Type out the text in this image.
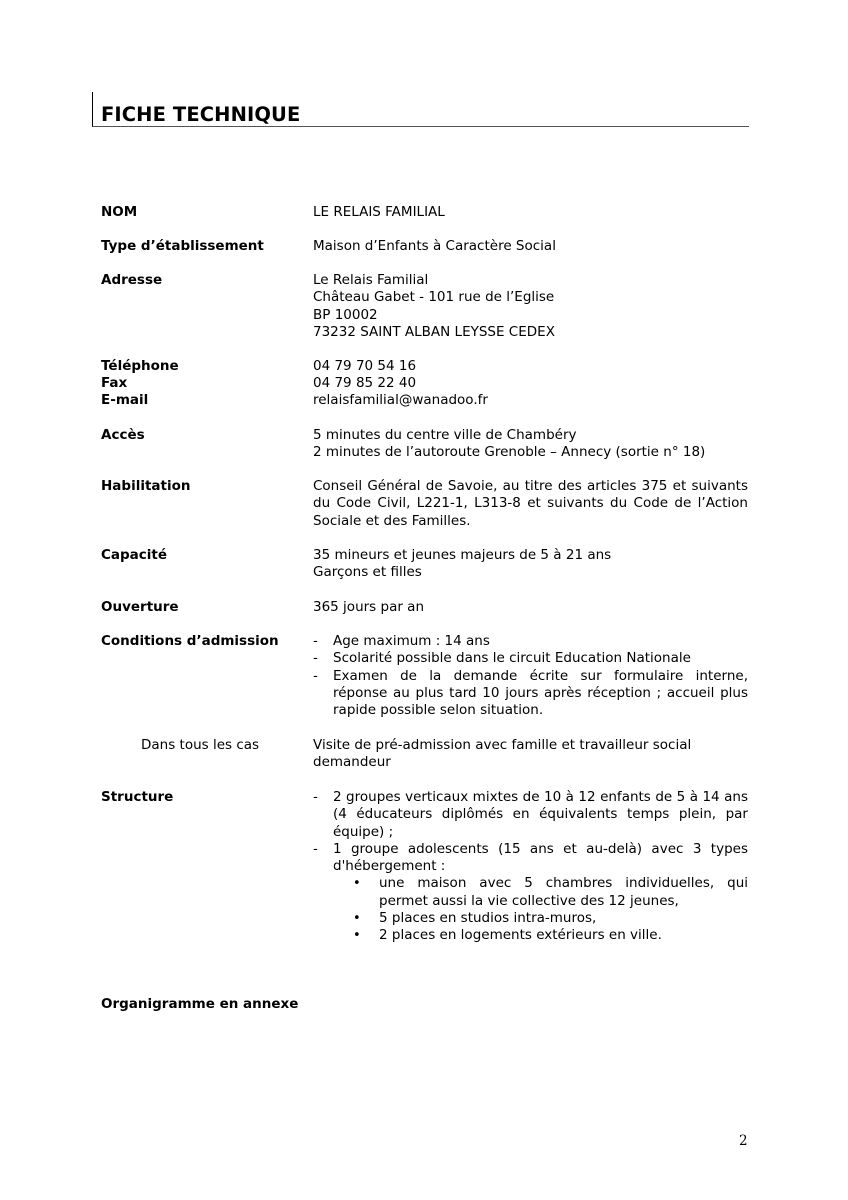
FICHE TECHNIQUE
NOM	LE RELAIS FAMILIAL
Type d’établissement	Maison d’Enfants à Caractère Social
Adresse	Le Relais Familial
Château Gabet - 101 rue de l’Eglise
BP 10002
73232 SAINT ALBAN LEYSSE CEDEX
Téléphone	04 79 70 54 16
Fax	04 79 85 22 40
E-mail	relaisfamilial@wanadoo.fr
Accès	5 minutes du centre ville de Chambéry
2 minutes de l’autoroute Grenoble – Annecy (sortie n° 18)
Habilitation	Conseil Général de Savoie, au titre des articles 375 et suivants du Code Civil, L221-1, L313-8 et suivants du Code de l’Action Sociale et des Familles.
Capacité	35 mineurs et jeunes majeurs de 5 à 21 ans
Garçons et filles
Ouverture	365 jours par an
Conditions d’admission	- Age maximum : 14 ans
- Scolarité possible dans le circuit Education Nationale
- Examen de la demande écrite sur formulaire interne, réponse au plus tard 10 jours après réception ; accueil plus rapide possible selon situation.
Dans tous les cas	Visite de pré-admission avec famille et travailleur social demandeur
Structure	- 2 groupes verticaux mixtes de 10 à 12 enfants de 5 à 14 ans (4 éducateurs diplômés en équivalents temps plein, par équipe) ;
- 1 groupe adolescents (15 ans et au-delà) avec 3 types d'hébergement :
• une maison avec 5 chambres individuelles, qui permet aussi la vie collective des 12 jeunes,
• 5 places en studios intra-muros,
• 2 places en logements extérieurs en ville.
Organigramme en annexe
2
